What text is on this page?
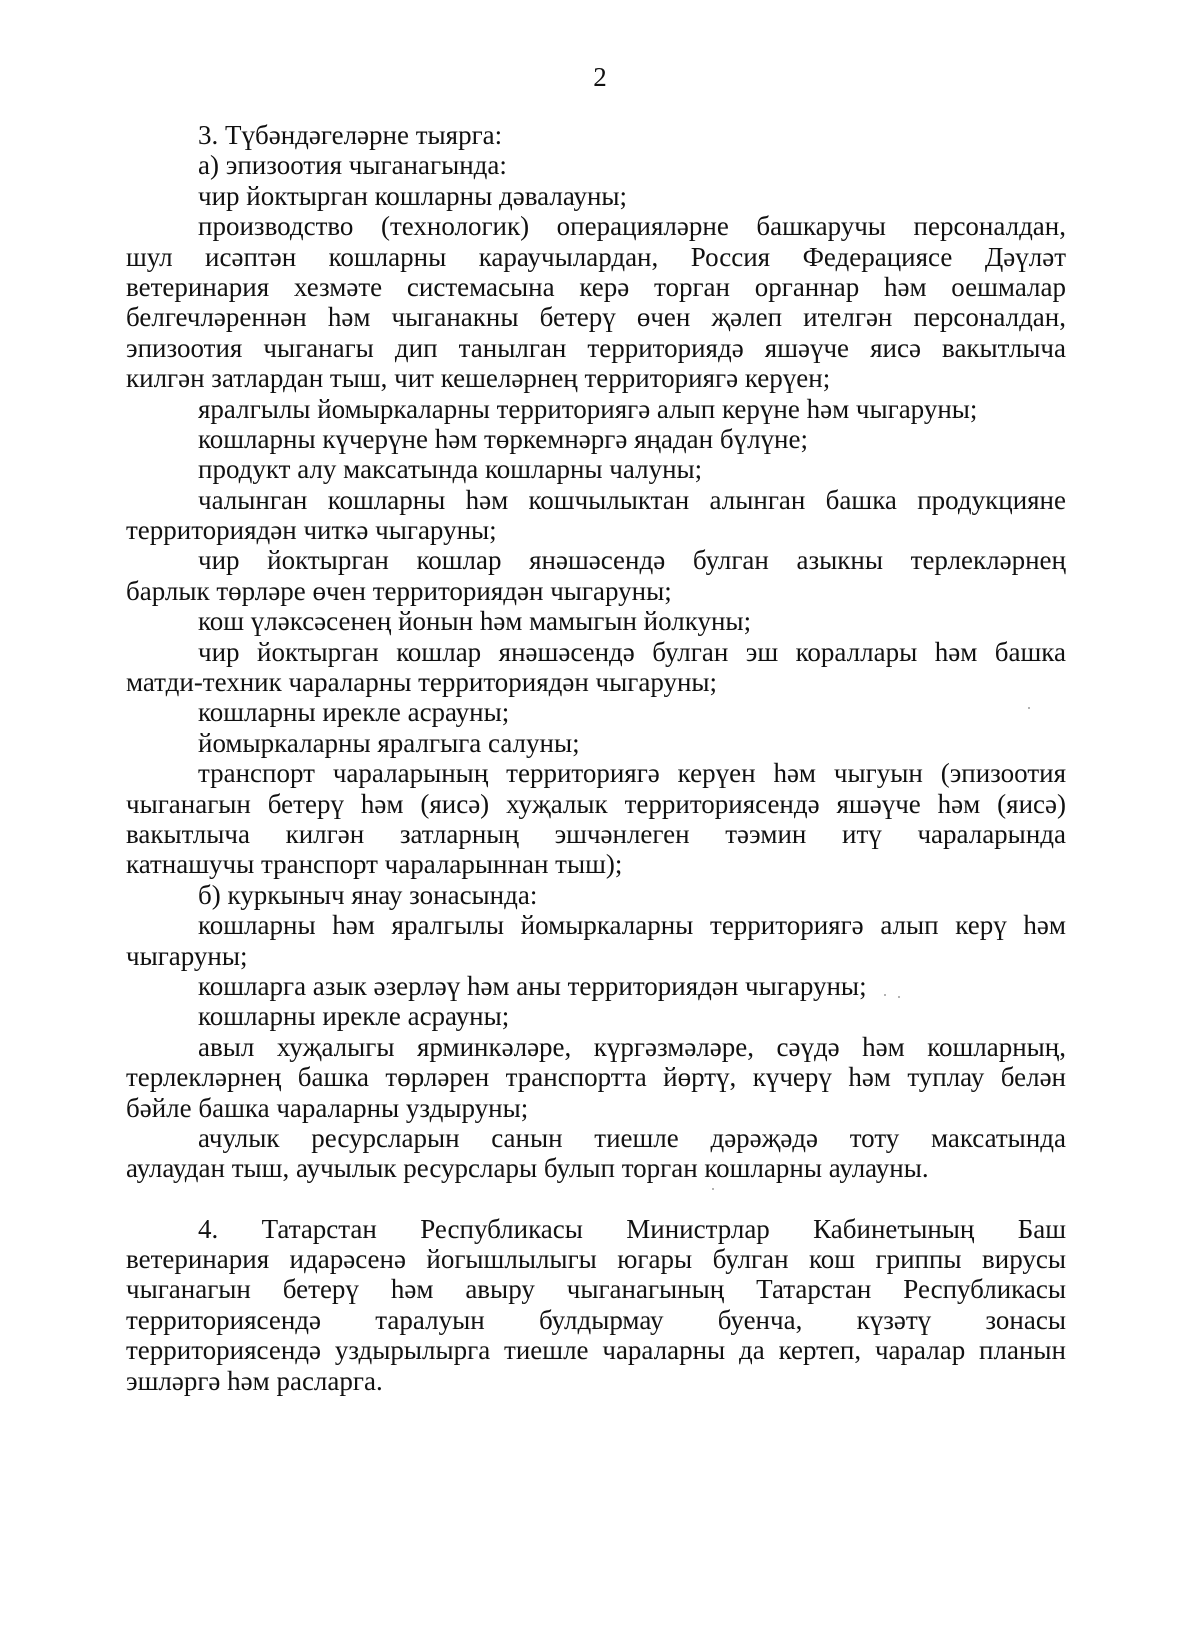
2
3. Түбәндәгеләрне тыярга:
а) эпизоотия чыганагында:
чир йоктырган кошларны дәвалауны;
производство (технологик) операцияләрне башкаручы персоналдан,
шул исәптән кошларны караучылардан, Россия Федерациясе Дәүләт
ветеринария хезмәте системасына керә торган органнар һәм оешмалар
белгечләреннән һәм чыганакны бетерү өчен җәлеп ителгән персоналдан,
эпизоотия чыганагы дип танылган территориядә яшәүче яисә вакытлыча
килгән затлардан тыш, чит кешеләрнең территориягә керүен;
яралгылы йомыркаларны территориягә алып керүне һәм чыгаруны;
кошларны күчерүне һәм төркемнәргә яңадан бүлүне;
продукт алу максатында кошларны чалуны;
чалынган кошларны һәм кошчылыктан алынган башка продукцияне
территориядән читкә чыгаруны;
чир йоктырган кошлар янәшәсендә булган азыкны терлекләрнең
барлык төрләре өчен территориядән чыгаруны;
кош үләксәсенең йонын һәм мамыгын йолкуны;
чир йоктырган кошлар янәшәсендә булган эш кораллары һәм башка
матди-техник чараларны территориядән чыгаруны;
кошларны ирекле асрауны;
йомыркаларны яралгыга салуны;
транспорт чараларының территориягә керүен һәм чыгуын (эпизоотия
чыганагын бетерү һәм (яисә) хуҗалык территориясендә яшәүче һәм (яисә)
вакытлыча килгән затларның эшчәнлеген тәэмин итү чараларында
катнашучы транспорт чараларыннан тыш);
б) куркыныч янау зонасында:
кошларны һәм яралгылы йомыркаларны территориягә алып керү һәм
чыгаруны;
кошларга азык әзерләү һәм аны территориядән чыгаруны;
кошларны ирекле асрауны;
авыл хуҗалыгы ярминкәләре, күргәзмәләре, сәүдә һәм кошларның,
терлекләрнең башка төрләрен транспортта йөртү, күчерү һәм туплау белән
бәйле башка чараларны уздыруны;
ачулык ресурсларын санын тиешле дәрәҗәдә тоту максатында
аулаудан тыш, аучылык ресурслары булып торган кошларны аулауны.
4. Татарстан Республикасы Министрлар Кабинетының Баш
ветеринария идарәсенә йогышлылыгы югары булган кош гриппы вирусы
чыганагын бетерү һәм авыру чыганагының Татарстан Республикасы
территориясендә таралуын булдырмау буенча, күзәтү зонасы
территориясендә уздырылырга тиешле чараларны да кертеп, чаралар планын
эшләргә һәм расларга.
